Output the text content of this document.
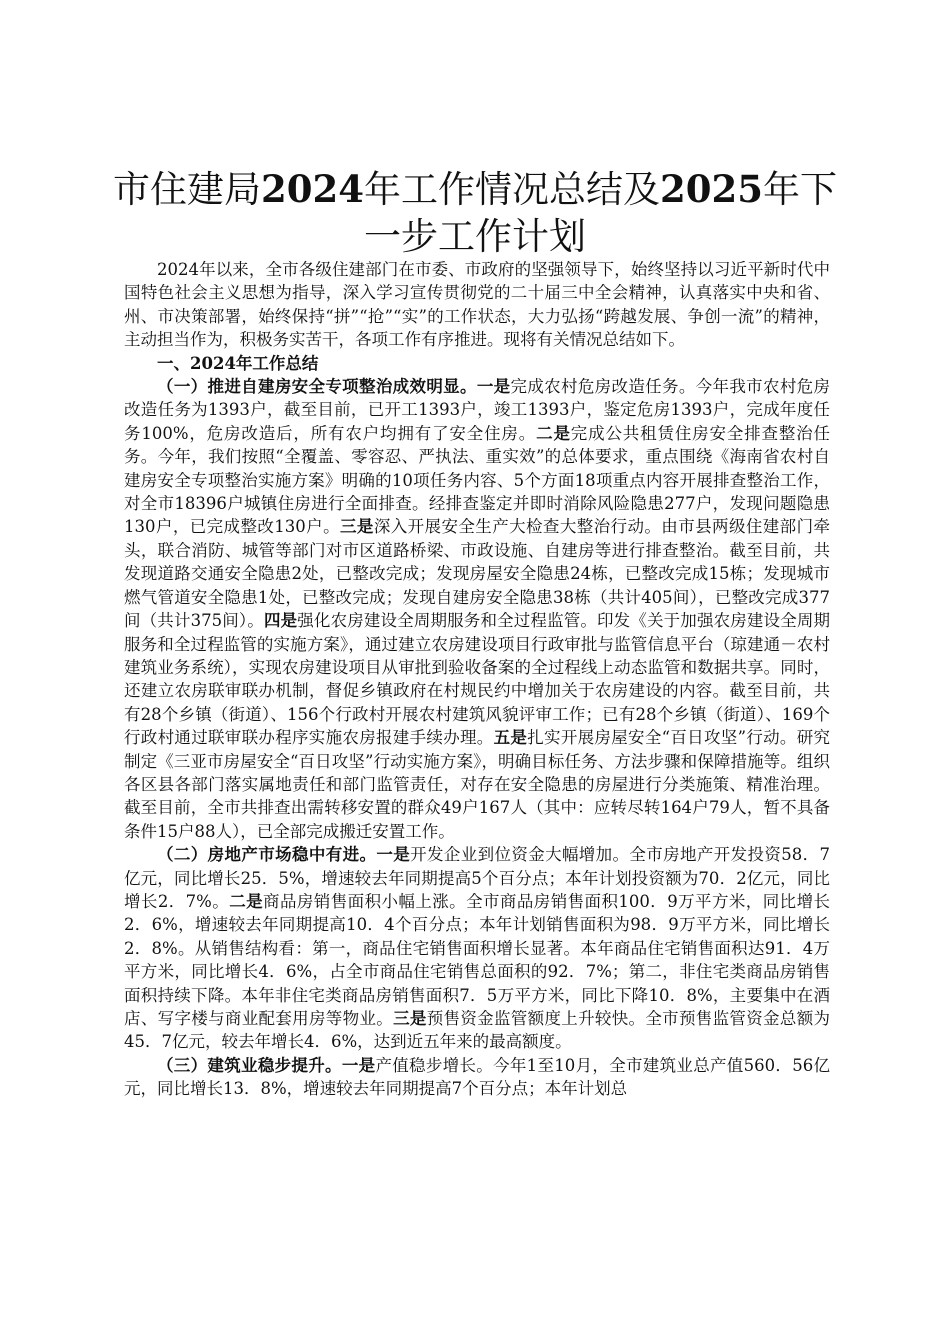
市住建局2024年工作情况总结及2025年下一步工作计划

2024年以来，全市各级住建部门在市委、市政府的坚强领导下，始终坚持以习近平新时代中国特色社会主义思想为指导，深入学习宣传贯彻党的二十届三中全会精神，认真落实中央和省、州、市决策部署，始终保持“拼”“抢”“实”的工作状态，大力弘扬“跨越发展、争创一流”的精神，主动担当作为，积极务实苦干，各项工作有序推进。现将有关情况总结如下。

一、2024年工作总结

（一）推进自建房安全专项整治成效明显。一是完成农村危房改造任务。今年我市农村危房改造任务为1393户，截至目前，已开工1393户，竣工1393户，鉴定危房1393户，完成年度任务100%，危房改造后，所有农户均拥有了安全住房。二是完成公共租赁住房安全排查整治任务。今年，我们按照“全覆盖、零容忍、严执法、重实效”的总体要求，重点围绕《海南省农村自建房安全专项整治实施方案》明确的10项任务内容、5个方面18项重点内容开展排查整治工作，对全市18396户城镇住房进行全面排查。经排查鉴定并即时消除风险隐患277户，发现问题隐患130户，已完成整改130户。三是深入开展安全生产大检查大整治行动。由市县两级住建部门牵头，联合消防、城管等部门对市区道路桥梁、市政设施、自建房等进行排查整治。截至目前，共发现道路交通安全隐患2处，已整改完成；发现房屋安全隐患24栋，已整改完成15栋；发现城市燃气管道安全隐患1处，已整改完成；发现自建房安全隐患38栋（共计405间），已整改完成377间（共计375间）。四是强化农房建设全周期服务和全过程监管。印发《关于加强农房建设全周期服务和全过程监管的实施方案》，通过建立农房建设项目行政审批与监管信息平台（琼建通－农村建筑业务系统），实现农房建设项目从审批到验收备案的全过程线上动态监管和数据共享。同时，还建立农房联审联办机制，督促乡镇政府在村规民约中增加关于农房建设的内容。截至目前，共有28个乡镇（街道）、156个行政村开展农村建筑风貌评审工作；已有28个乡镇（街道）、169个行政村通过联审联办程序实施农房报建手续办理。五是扎实开展房屋安全“百日攻坚”行动。研究制定《三亚市房屋安全“百日攻坚”行动实施方案》，明确目标任务、方法步骤和保障措施等。组织各区县各部门落实属地责任和部门监管责任，对存在安全隐患的房屋进行分类施策、精准治理。截至目前，全市共排查出需转移安置的群众49户167人（其中：应转尽转164户79人，暂不具备条件15户88人），已全部完成搬迁安置工作。

（二）房地产市场稳中有进。一是开发企业到位资金大幅增加。全市房地产开发投资58．7亿元，同比增长25．5%，增速较去年同期提高5个百分点；本年计划投资额为70．2亿元，同比增长2．7%。二是商品房销售面积小幅上涨。全市商品房销售面积100．9万平方米，同比增长2．6%，增速较去年同期提高10．4个百分点；本年计划销售面积为98．9万平方米，同比增长2．8%。从销售结构看：第一，商品住宅销售面积增长显著。本年商品住宅销售面积达91．4万平方米，同比增长4．6%，占全市商品住宅销售总面积的92．7%；第二，非住宅类商品房销售面积持续下降。本年非住宅类商品房销售面积7．5万平方米，同比下降10．8%，主要集中在酒店、写字楼与商业配套用房等物业。三是预售资金监管额度上升较快。全市预售监管资金总额为45．7亿元，较去年增长4．6%，达到近五年来的最高额度。

（三）建筑业稳步提升。一是产值稳步增长。今年1至10月，全市建筑业总产值560．56亿元，同比增长13．8%，增速较去年同期提高7个百分点；本年计划总
